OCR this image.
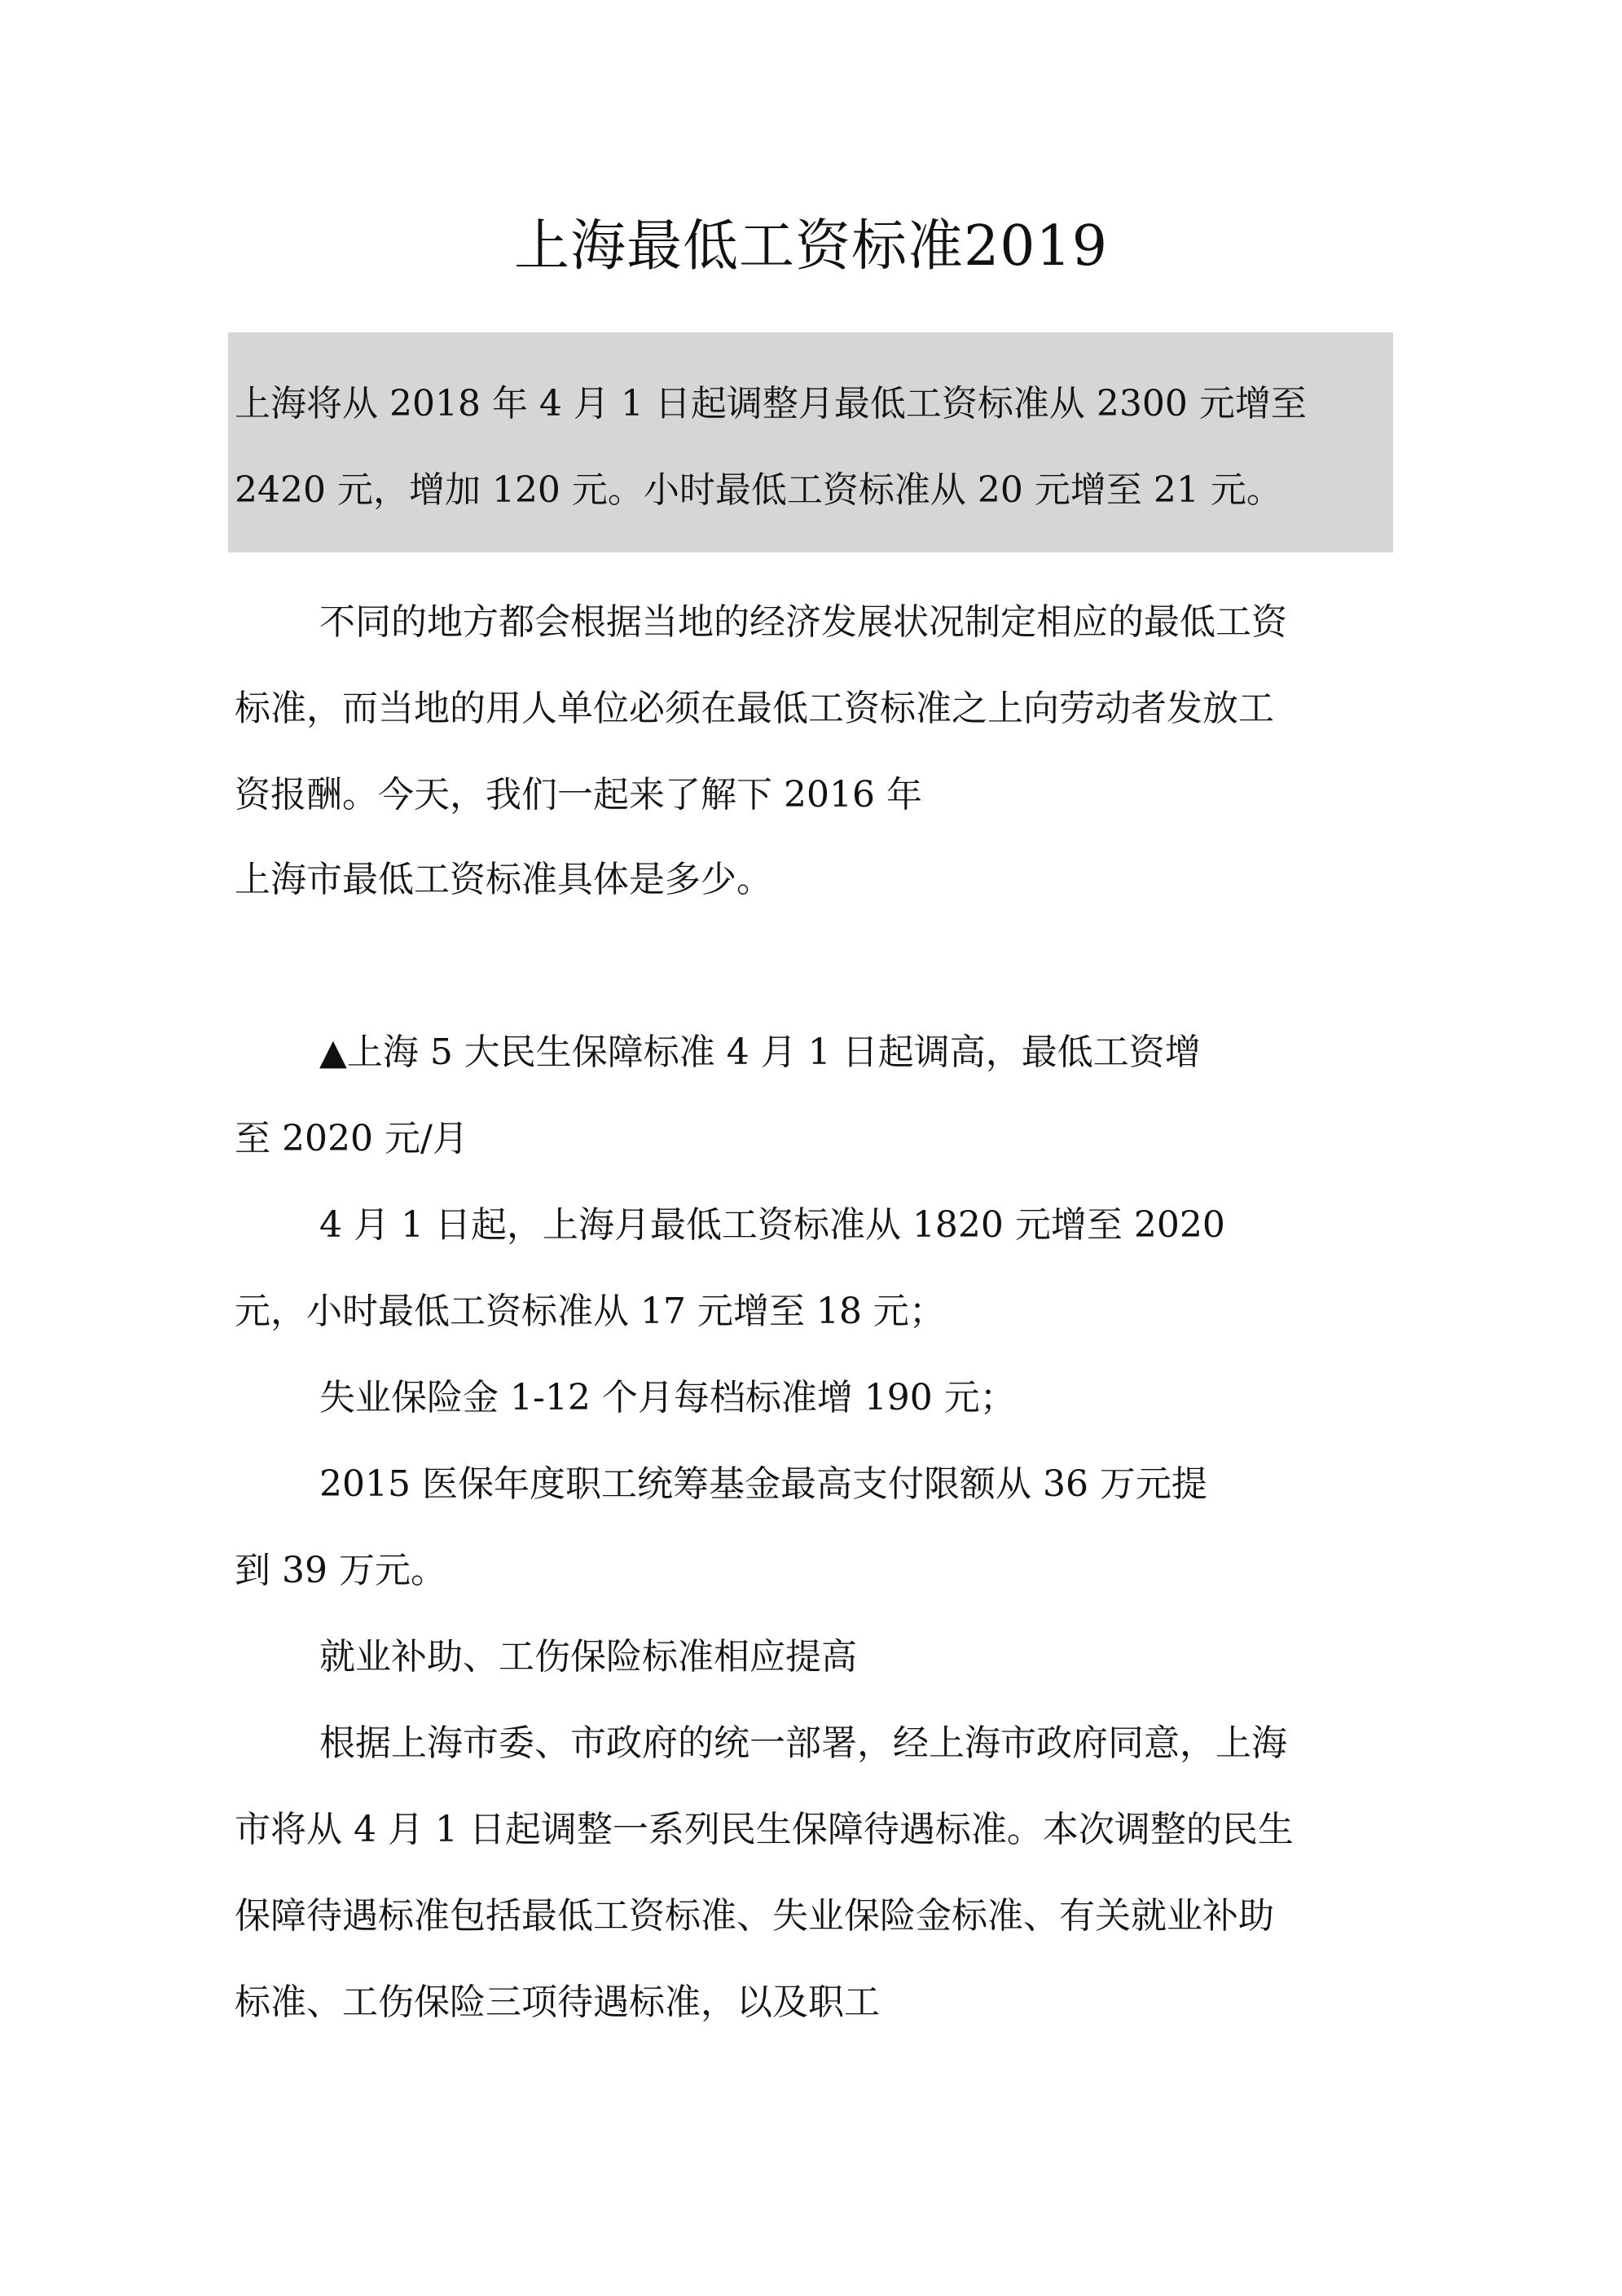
上海最低工资标准2019

上海将从 2018 年 4 月 1 日起调整月最低工资标准从 2300 元增至

2420 元，增加 120 元。小时最低工资标准从 20 元增至 21 元。

不同的地方都会根据当地的经济发展状况制定相应的最低工资

标准，而当地的用人单位必须在最低工资标准之上向劳动者发放工

资报酬。今天，我们一起来了解下 2016 年

上海市最低工资标准具体是多少。

▲上海 5 大民生保障标准 4 月 1 日起调高，最低工资增

至 2020 元/月

4 月 1 日起，上海月最低工资标准从 1820 元增至 2020

元，小时最低工资标准从 17 元增至 18 元；

失业保险金 1-12 个月每档标准增 190 元；

2015 医保年度职工统筹基金最高支付限额从 36 万元提

到 39 万元。

就业补助、工伤保险标准相应提高

根据上海市委、市政府的统一部署，经上海市政府同意，上海

市将从 4 月 1 日起调整一系列民生保障待遇标准。本次调整的民生

保障待遇标准包括最低工资标准、失业保险金标准、有关就业补助

标准、工伤保险三项待遇标准，以及职工
